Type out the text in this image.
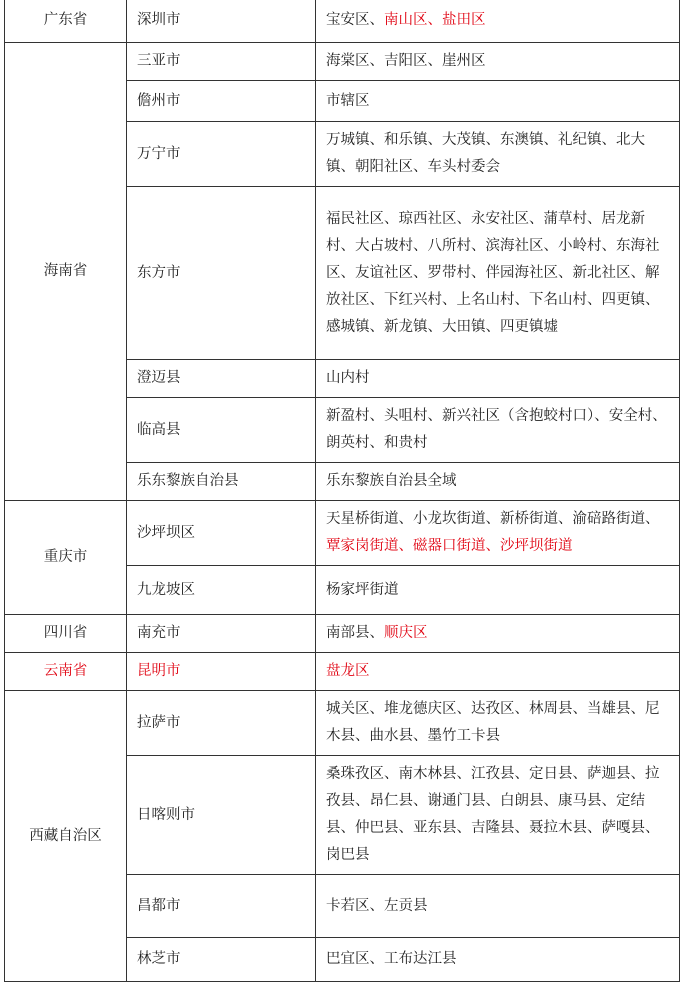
广东省	深圳市	宝安区、南山区、盐田区
海南省	三亚市	海棠区、吉阳区、崖州区
	儋州市	市辖区
	万宁市	万城镇、和乐镇、大茂镇、东澳镇、礼纪镇、北大镇、朝阳社区、车头村委会
	东方市	福民社区、琼西社区、永安社区、蒲草村、居龙新村、大占坡村、八所村、滨海社区、小岭村、东海社区、友谊社区、罗带村、伴园海社区、新北社区、解放社区、下红兴村、上名山村、下名山村、四更镇、感城镇、新龙镇、大田镇、四更镇墟
	澄迈县	山内村
	临高县	新盈村、头咀村、新兴社区（含抱蛟村口）、安全村、朗英村、和贵村
	乐东黎族自治县	乐东黎族自治县全域
重庆市	沙坪坝区	天星桥街道、小龙坎街道、新桥街道、渝碚路街道、覃家岗街道、磁器口街道、沙坪坝街道
	九龙坡区	杨家坪街道
四川省	南充市	南部县、顺庆区
云南省	昆明市	盘龙区
西藏自治区	拉萨市	城关区、堆龙德庆区、达孜区、林周县、当雄县、尼木县、曲水县、墨竹工卡县
	日喀则市	桑珠孜区、南木林县、江孜县、定日县、萨迦县、拉孜县、昂仁县、谢通门县、白朗县、康马县、定结县、仲巴县、亚东县、吉隆县、聂拉木县、萨嘎县、岗巴县
	昌都市	卡若区、左贡县
	林芝市	巴宜区、工布达江县
